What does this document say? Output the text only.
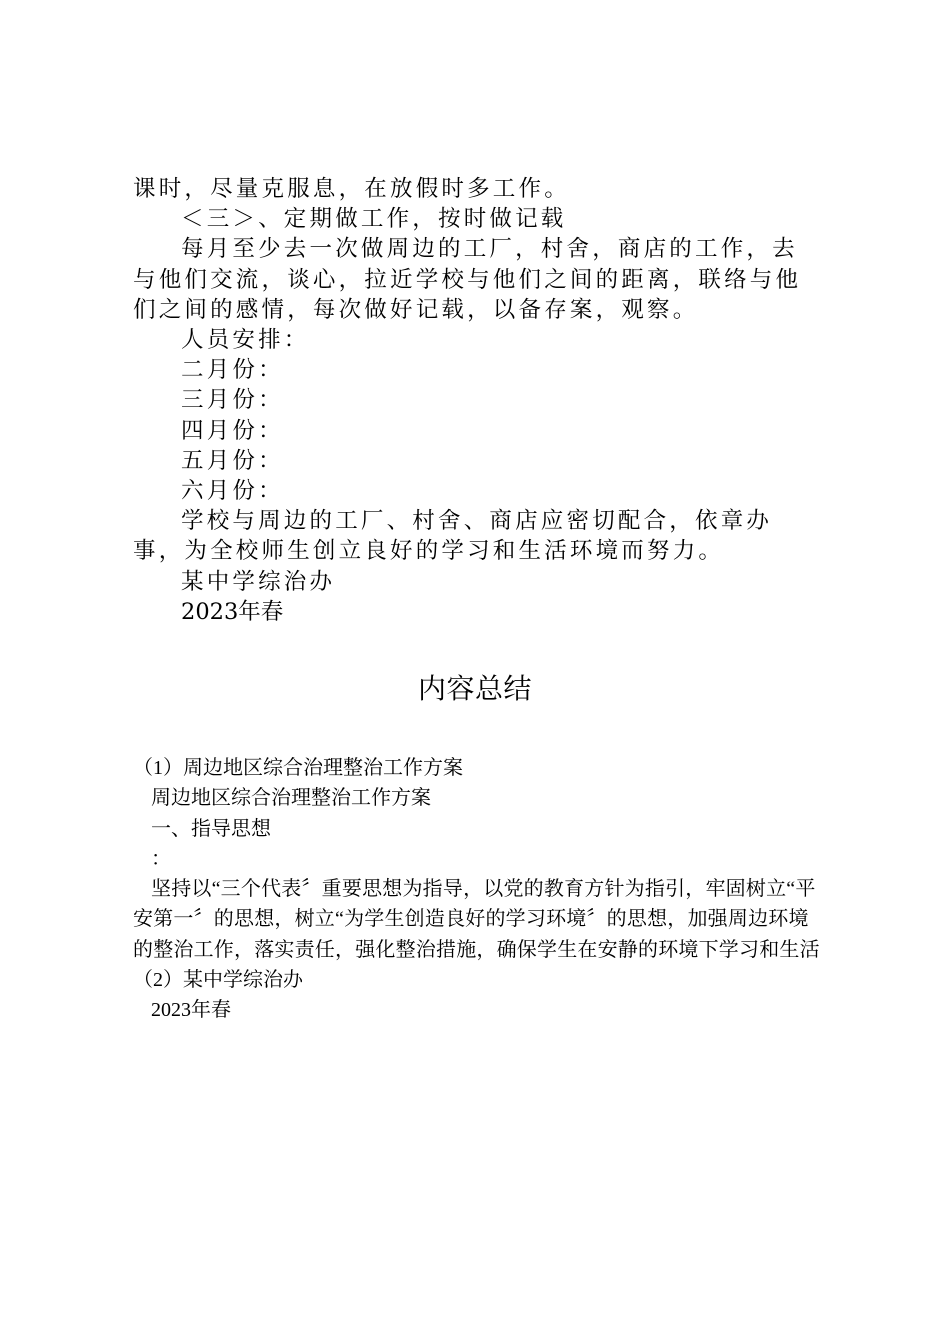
课时，尽量克服息，在放假时多工作。

＜三＞、定期做工作，按时做记载

每月至少去一次做周边的工厂，村舍，商店的工作，去与他们交流，谈心，拉近学校与他们之间的距离，联络与他们之间的感情，每次做好记载，以备存案，观察。

人员安排：

二月份：

三月份：

四月份：

五月份：

六月份：

学校与周边的工厂、村舍、商店应密切配合，依章办事，为全校师生创立良好的学习和生活环境而努力。

某中学综治办

2023年春

内容总结

（1）周边地区综合治理整治工作方案

周边地区综合治理整治工作方案

一、指导思想

：

坚持以“三个代表〞重要思想为指导，以党的教育方针为指引，牢固树立“平安第一〞的思想，树立“为学生创造良好的学习环境〞的思想，加强周边环境的整治工作，落实责任，强化整治措施，确保学生在安静的环境下学习和生活

（2）某中学综治办

2023年春
